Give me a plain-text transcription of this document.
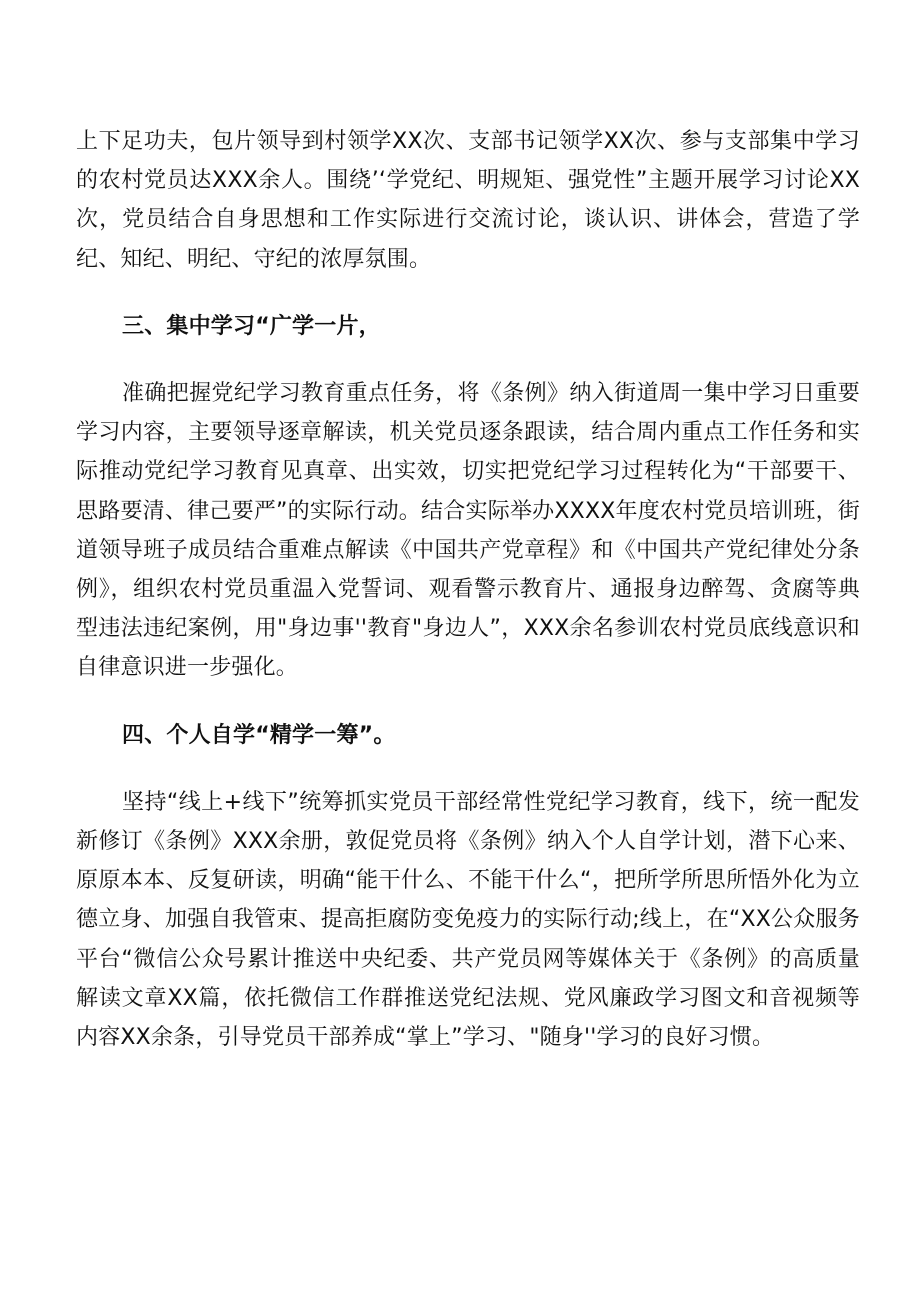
上下足功夫，包片领导到村领学XX次、支部书记领学XX次、参与支部集中学习的农村党员达XXX余人。围绕’‘学党纪、明规矩、强党性”主题开展学习讨论XX次，党员结合自身思想和工作实际进行交流讨论，谈认识、讲体会，营造了学纪、知纪、明纪、守纪的浓厚氛围。

三、集中学习“广学一片，

准确把握党纪学习教育重点任务，将《条例》纳入街道周一集中学习日重要学习内容，主要领导逐章解读，机关党员逐条跟读，结合周内重点工作任务和实际推动党纪学习教育见真章、出实效，切实把党纪学习过程转化为“干部要干、思路要清、律己要严”的实际行动。结合实际举办XXXX年度农村党员培训班，街道领导班子成员结合重难点解读《中国共产党章程》和《中国共产党纪律处分条例》，组织农村党员重温入党誓词、观看警示教育片、通报身边醉驾、贪腐等典型违法违纪案例，用"身边事''教育"身边人”，XXX余名参训农村党员底线意识和自律意识进一步强化。

四、个人自学“精学一筹”。

坚持“线上+线下”统筹抓实党员干部经常性党纪学习教育，线下，统一配发新修订《条例》XXX余册，敦促党员将《条例》纳入个人自学计划，潜下心来、原原本本、反复研读，明确“能干什么、不能干什么“，把所学所思所悟外化为立德立身、加强自我管束、提高拒腐防变免疫力的实际行动;线上，在“XX公众服务平台“微信公众号累计推送中央纪委、共产党员网等媒体关于《条例》的高质量解读文章XX篇，依托微信工作群推送党纪法规、党风廉政学习图文和音视频等内容XX余条，引导党员干部养成“掌上”学习、"随身''学习的良好习惯。
